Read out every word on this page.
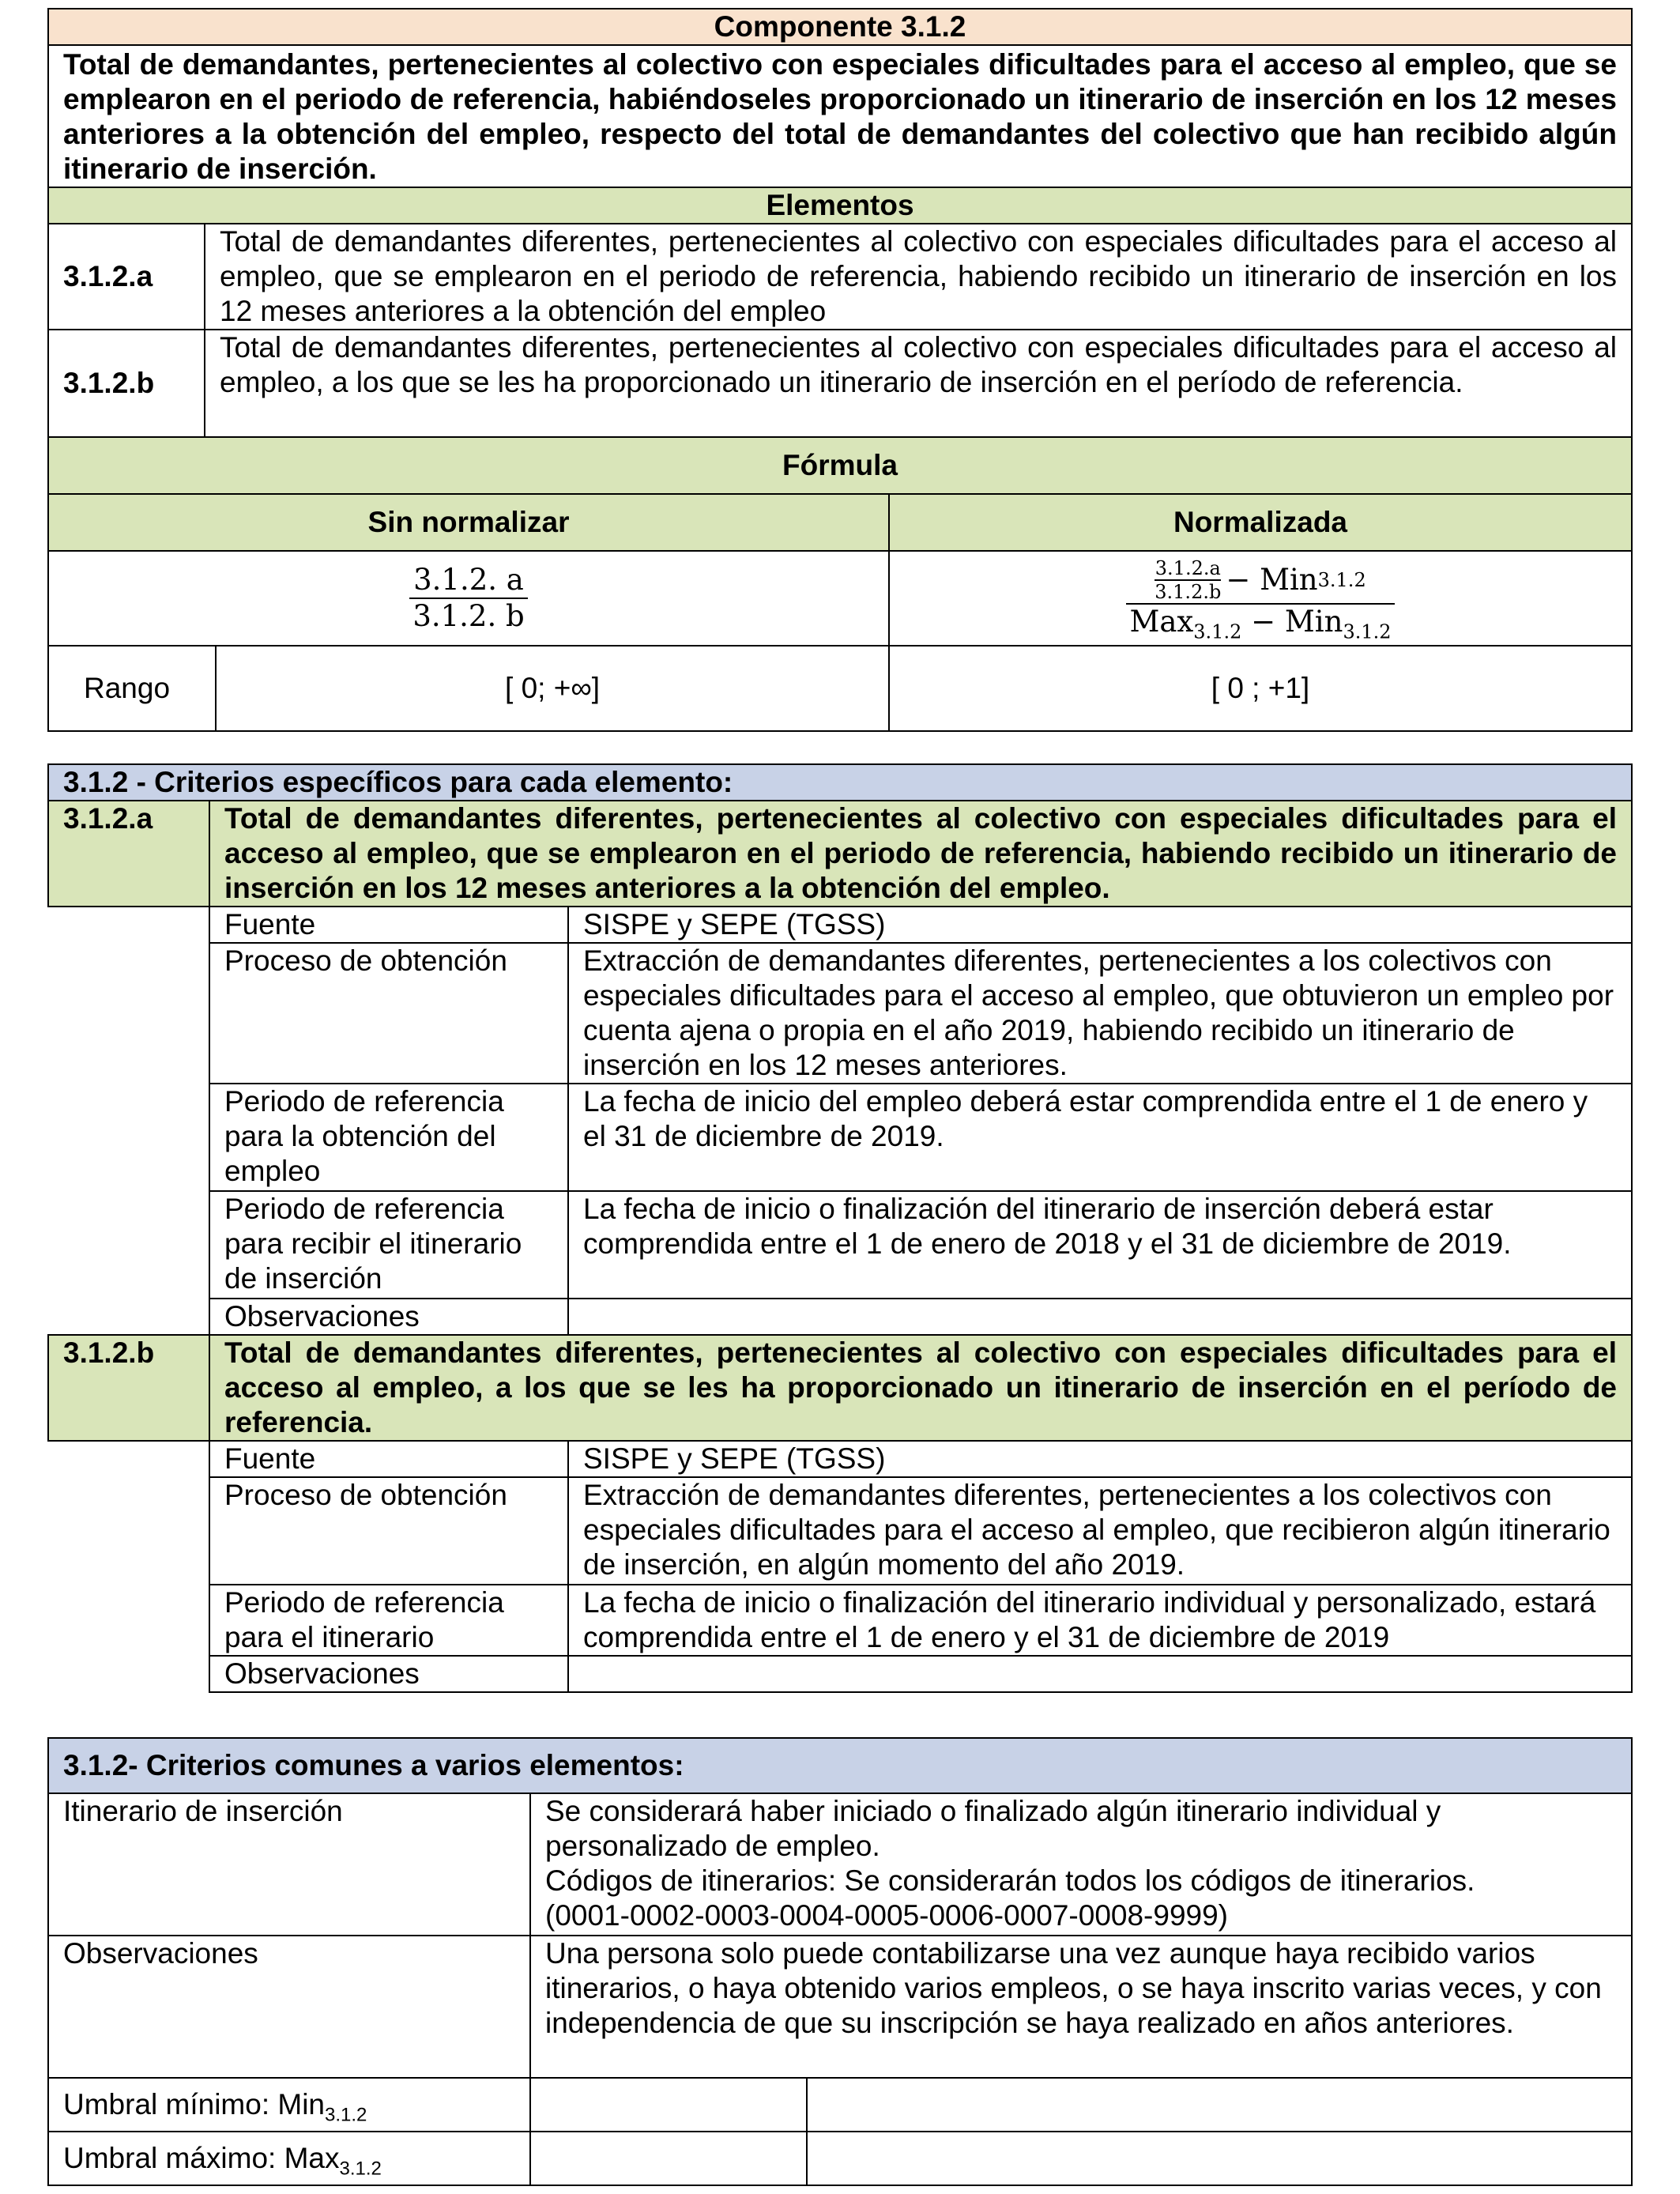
Componente 3.1.2			
Total de demandantes, pertenecientes al colectivo con especiales dificultades para el acceso al empleo, que se emplearon en el periodo de referencia, habiéndoseles proporcionado un itinerario de inserción en los 12 meses anteriores a la obtención del empleo, respecto del total de demandantes del colectivo que han recibido algún itinerario de inserción.			
Elementos			
3.1.2.a	Total de demandantes diferentes, pertenecientes al colectivo con especiales dificultades para el acceso al empleo, que se emplearon en el periodo de referencia, habiendo recibido un itinerario de inserción en los 12 meses anteriores a la obtención del empleo		
3.1.2.b	Total de demandantes diferentes, pertenecientes al colectivo con especiales dificultades para el acceso al empleo, a los que se les ha proporcionado un itinerario de inserción en el período de referencia.		
Fórmula			
Sin normalizar			Normalizada

$\frac{3.1.2. a}{3.1.2. b}$			$\frac{3.1.2.a}{3.1.2.b}$ − Min 3.1.2
Max$_{3.1.2}$ − Min$_{3.1.2}$

Rango		[ 0; +∞]	[ 0 ; +1]
3.1.2 - Criterios específicos para cada elemento:		
3.1.2.a	Total de demandantes diferentes, pertenecientes al colectivo con especiales dificultades para el acceso al empleo, que se emplearon en el periodo de referencia, habiendo recibido un itinerario de inserción en los 12 meses anteriores a la obtención del empleo.	
	Fuente	SISPE y SEPE (TGSS)
	Proceso de obtención	Extracción de demandantes diferentes, pertenecientes a los colectivos con especiales dificultades para el acceso al empleo, que obtuvieron un empleo por cuenta ajena o propia en el año 2019, habiendo recibido un itinerario de inserción en los 12 meses anteriores.
	Periodo de referencia para la obtención del empleo	La fecha de inicio del empleo deberá estar comprendida entre el 1 de enero y el 31 de diciembre de 2019.
	Periodo de referencia para recibir el itinerario de inserción	La fecha de inicio o finalización del itinerario de inserción deberá estar comprendida entre el 1 de enero de 2018 y el 31 de diciembre de 2019.
	Observaciones	
3.1.2.b	Total de demandantes diferentes, pertenecientes al colectivo con especiales dificultades para el acceso al empleo, a los que se les ha proporcionado un itinerario de inserción en el período de referencia.	
	Fuente	SISPE y SEPE (TGSS)
	Proceso de obtención	Extracción de demandantes diferentes, pertenecientes a los colectivos con especiales dificultades para el acceso al empleo, que recibieron algún itinerario de inserción, en algún momento del año 2019.
	Periodo de referencia para el itinerario	La fecha de inicio o finalización del itinerario individual y personalizado, estará comprendida entre el 1 de enero y el 31 de diciembre de 2019
	Observaciones	
3.1.2- Criterios comunes a varios elementos:		
Itinerario de inserción	Se considerará haber iniciado o finalizado algún itinerario individual y personalizado de empleo.
Códigos de itinerarios: Se considerarán todos los códigos de itinerarios.
(0001-0002-0003-0004-0005-0006-0007-0008-9999)	

Observaciones	Una persona solo puede contabilizarse una vez aunque haya recibido varios itinerarios, o haya obtenido varios empleos, o se haya inscrito varias veces, y con independencia de que su inscripción se haya realizado en años anteriores.	
Umbral mínimo: Min$_{3.1.2}$		
Umbral máximo: Max$_{3.1.2}$		
